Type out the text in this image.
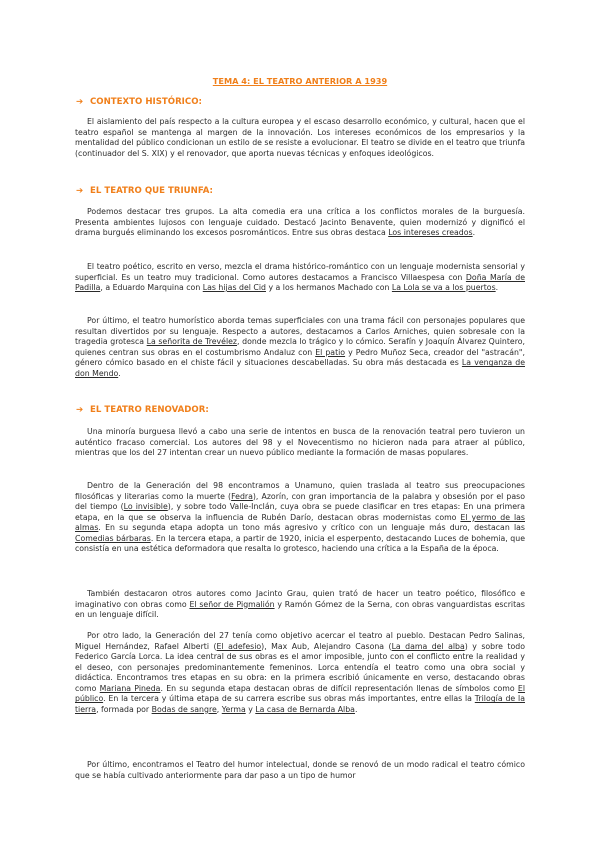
TEMA 4: EL TEATRO ANTERIOR A 1939
➔ CONTEXTO HISTÓRICO:
El aislamiento del país respecto a la cultura europea y el escaso desarrollo económico, y cultural, hacen que el teatro español se mantenga al margen de la innovación. Los intereses económicos de los empresarios y la mentalidad del público condicionan un estilo de se resiste a evolucionar. El teatro se divide en el teatro que triunfa (continuador del S. XIX) y el renovador, que aporta nuevas técnicas y enfoques ideológicos.
➔ EL TEATRO QUE TRIUNFA:
Podemos destacar tres grupos. La alta comedia era una crítica a los conflictos morales de la burguesía. Presenta ambientes lujosos con lenguaje cuidado. Destacó Jacinto Benavente, quien modernizó y dignificó el drama burgués eliminando los excesos posrománticos. Entre sus obras destaca Los intereses creados.
El teatro poético, escrito en verso, mezcla el drama histórico-romántico con un lenguaje modernista sensorial y superficial. Es un teatro muy tradicional. Como autores destacamos a Francisco Villaespesa con Doña María de Padilla, a Eduardo Marquina con Las hijas del Cid y a los hermanos Machado con La Lola se va a los puertos.
Por último, el teatro humorístico aborda temas superficiales con una trama fácil con personajes populares que resultan divertidos por su lenguaje. Respecto a autores, destacamos a Carlos Arniches, quien sobresale con la tragedia grotesca La señorita de Trevélez, donde mezcla lo trágico y lo cómico. Serafín y Joaquín Álvarez Quintero, quienes centran sus obras en el costumbrismo Andaluz con El patio y Pedro Muñoz Seca, creador del "astracán", género cómico basado en el chiste fácil y situaciones descabelladas. Su obra más destacada es La venganza de don Mendo.
➔ EL TEATRO RENOVADOR:
Una minoría burguesa llevó a cabo una serie de intentos en busca de la renovación teatral pero tuvieron un auténtico fracaso comercial. Los autores del 98 y el Novecentismo no hicieron nada para atraer al público, mientras que los del 27 intentan crear un nuevo público mediante la formación de masas populares.
Dentro de la Generación del 98 encontramos a Unamuno, quien traslada al teatro sus preocupaciones filosóficas y literarias como la muerte (Fedra), Azorín, con gran importancia de la palabra y obsesión por el paso del tiempo (Lo invisible), y sobre todo Valle-Inclán, cuya obra se puede clasificar en tres etapas: En una primera etapa, en la que se observa la influencia de Rubén Darío, destacan obras modernistas como El yermo de las almas. En su segunda etapa adopta un tono más agresivo y crítico con un lenguaje más duro, destacan las Comedias bárbaras. En la tercera etapa, a partir de 1920, inicia el esperpento, destacando Luces de bohemia, que consistía en una estética deformadora que resalta lo grotesco, haciendo una crítica a la España de la época.
También destacaron otros autores como Jacinto Grau, quien trató de hacer un teatro poético, filosófico e imaginativo con obras como El señor de Pigmalión y Ramón Gómez de la Serna, con obras vanguardistas escritas en un lenguaje difícil.
Por otro lado, la Generación del 27 tenía como objetivo acercar el teatro al pueblo. Destacan Pedro Salinas, Miguel Hernández, Rafael Alberti (El adefesio), Max Aub, Alejandro Casona (La dama del alba) y sobre todo Federico García Lorca. La idea central de sus obras es el amor imposible, junto con el conflicto entre la realidad y el deseo, con personajes predominantemente femeninos. Lorca entendía el teatro como una obra social y didáctica. Encontramos tres etapas en su obra: en la primera escribió únicamente en verso, destacando obras como Mariana Pineda. En su segunda etapa destacan obras de difícil representación llenas de símbolos como El público. En la tercera y última etapa de su carrera escribe sus obras más importantes, entre ellas la Trilogía de la tierra, formada por Bodas de sangre, Yerma y La casa de Bernarda Alba.
Por último, encontramos el Teatro del humor intelectual, donde se renovó de un modo radical el teatro cómico que se había cultivado anteriormente para dar paso a un tipo de humor
